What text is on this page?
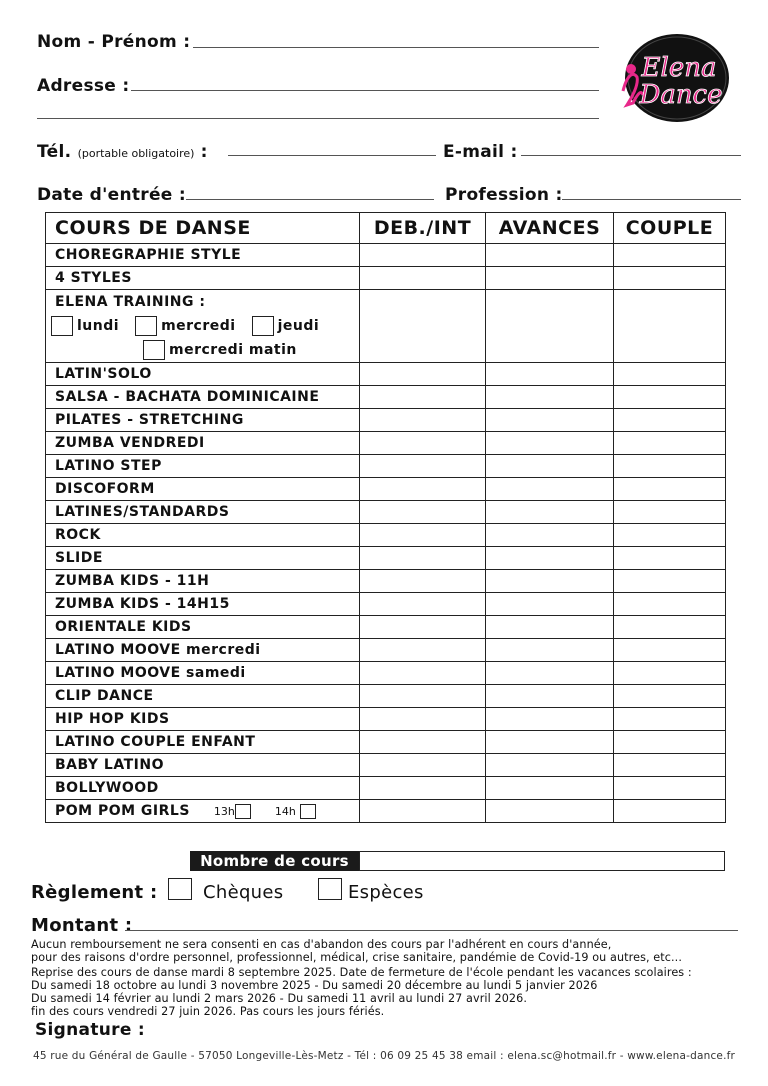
Nom - Prénom :
Adresse :
Tél. (portable obligatoire) :	E-mail :
Date d'entrée :	Profession :
Elena
Dance
COURS DE DANSE	DEB./INT	AVANCES	COUPLE
CHOREGRAPHIE STYLE			
4 STYLES			

ELENA TRAINING :
lundi mercredi jeudi
mercredi matin			

LATIN'SOLO			
SALSA - BACHATA DOMINICAINE			
PILATES - STRETCHING			
ZUMBA VENDREDI			
LATINO STEP			
DISCOFORM			
LATINES/STANDARDS			
ROCK			
SLIDE			
ZUMBA KIDS - 11H			
ZUMBA KIDS - 14H15			
ORIENTALE KIDS			
LATINO MOOVE mercredi			
LATINO MOOVE samedi			
CLIP DANCE			
HIP HOP KIDS			
LATINO COUPLE ENFANT			
BABY LATINO			
BOLLYWOOD			
POM POM GIRLS 13h 14h			
Nombre de cours
Règlement :	Chèques	Espèces
Montant :
Aucun remboursement ne sera consenti en cas d'abandon des cours par l'adhérent en cours d'année,
pour des raisons d'ordre personnel, professionnel, médical, crise sanitaire, pandémie de Covid-19 ou autres, etc...
Reprise des cours de danse mardi 8 septembre 2025. Date de fermeture de l'école pendant les vacances scolaires :
Du samedi 18 octobre au lundi 3 novembre 2025 - Du samedi 20 décembre au lundi 5 janvier 2026
Du samedi 14 février au lundi 2 mars 2026 - Du samedi 11 avril au lundi 27 avril 2026.
fin des cours vendredi 27 juin 2026. Pas cours les jours fériés.
Signature :
45 rue du Général de Gaulle - 57050 Longeville-Lès-Metz - Tél : 06 09 25 45 38 email : elena.sc@hotmail.fr - www.elena-dance.fr
